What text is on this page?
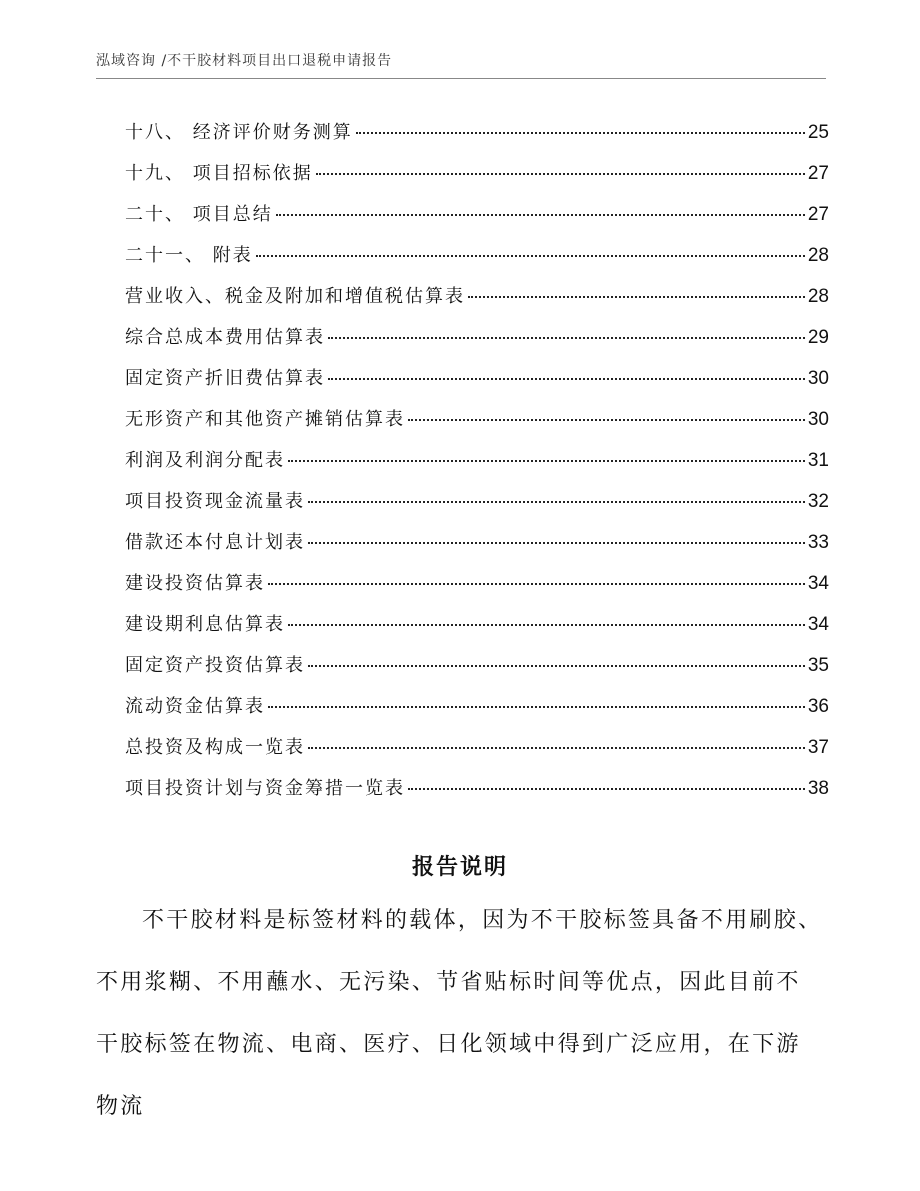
泓域咨询 /不干胶材料项目出口退税申请报告
十八、 经济评价财务测算	25
十九、 项目招标依据	27
二十、 项目总结	27
二十一、 附表	28
营业收入、税金及附加和增值税估算表	28
综合总成本费用估算表	29
固定资产折旧费估算表	30
无形资产和其他资产摊销估算表	30
利润及利润分配表	31
项目投资现金流量表	32
借款还本付息计划表	33
建设投资估算表	34
建设期利息估算表	34
固定资产投资估算表	35
流动资金估算表	36
总投资及构成一览表	37
项目投资计划与资金筹措一览表	38
报告说明

不干胶材料是标签材料的载体，因为不干胶标签具备不用刷胶、不用浆糊、不用蘸水、无污染、节省贴标时间等优点，因此目前不干胶标签在物流、电商、医疗、日化领域中得到广泛应用，在下游物流
